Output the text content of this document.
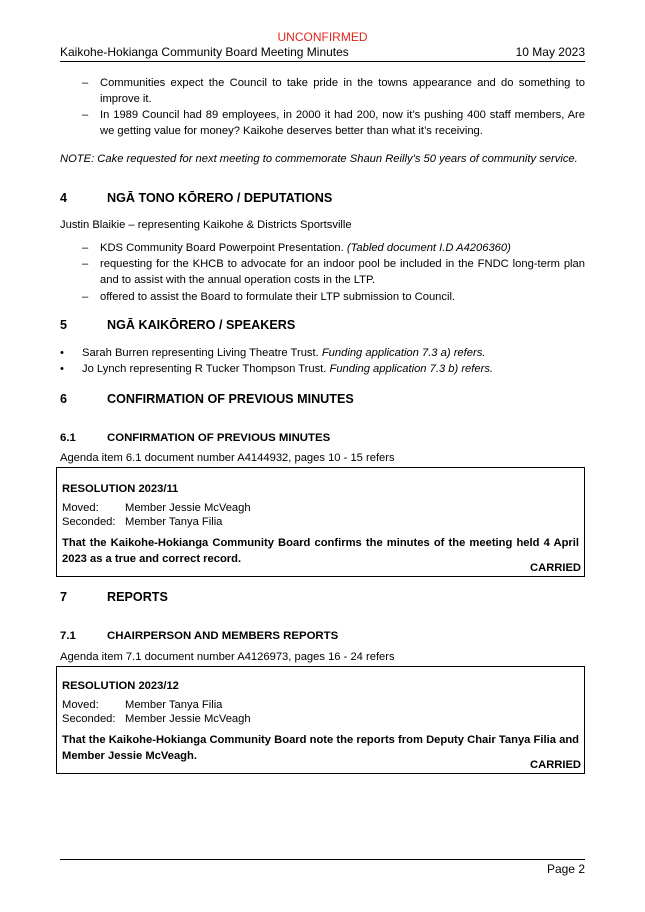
UNCONFIRMED
Kaikohe-Hokianga Community Board Meeting Minutes	10 May 2023
–	Communities expect the Council to take pride in the towns appearance and do something to improve it.
–	In 1989 Council had 89 employees, in 2000 it had 200, now it’s pushing 400 staff members, Are we getting value for money? Kaikohe deserves better than what it’s receiving.
NOTE: Cake requested for next meeting to commemorate Shaun Reilly’s 50 years of community service.
4	NGĀ TONO KŌRERO / DEPUTATIONS
Justin Blaikie – representing Kaikohe & Districts Sportsville
–	KDS Community Board Powerpoint Presentation. (Tabled document I.D A4206360)
–	requesting for the KHCB to advocate for an indoor pool be included in the FNDC long-term plan and to assist with the annual operation costs in the LTP.
–	offered to assist the Board to formulate their LTP submission to Council.
5	NGĀ KAIKŌRERO / SPEAKERS
• Sarah Burren representing Living Theatre Trust. Funding application 7.3 a) refers.
• Jo Lynch representing R Tucker Thompson Trust. Funding application 7.3 b) refers.
6	CONFIRMATION OF PREVIOUS MINUTES
6.1	CONFIRMATION OF PREVIOUS MINUTES
Agenda item 6.1 document number A4144932, pages 10 - 15 refers
RESOLUTION 2023/11
Moved: Member Jessie McVeagh
Seconded: Member Tanya Filia
That the Kaikohe-Hokianga Community Board confirms the minutes of the meeting held 4 April 2023 as a true and correct record.
CARRIED
7	REPORTS
7.1	CHAIRPERSON AND MEMBERS REPORTS
Agenda item 7.1 document number A4126973, pages 16 - 24 refers
RESOLUTION 2023/12
Moved: Member Tanya Filia
Seconded: Member Jessie McVeagh
That the Kaikohe-Hokianga Community Board note the reports from Deputy Chair Tanya Filia and Member Jessie McVeagh.
CARRIED
Page 2
